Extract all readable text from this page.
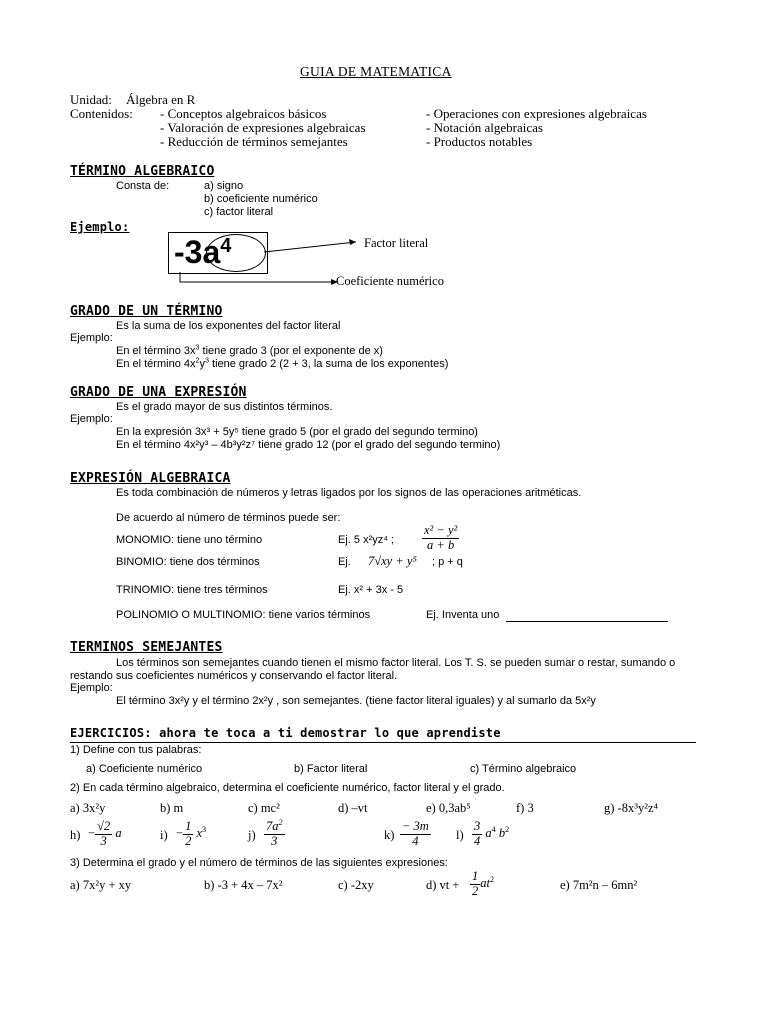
GUIA DE MATEMATICA
Unidad: Álgebra en R
Contenidos: - Conceptos algebraicos básicos
- Valoración de expresiones algebraicas
- Reducción de términos semejantes
- Operaciones con expresiones algebraicas
- Notación algebraicas
- Productos notables
TÉRMINO ALGEBRAICO
Consta de:	a) signo
b) coeficiente numérico
c) factor literal
Ejemplo:
$-3a^4$	Factor literal
Coeficiente numérico
GRADO DE UN TÉRMINO
Es la suma de los exponentes del factor literal
Ejemplo:
En el término $3x^3$ tiene grado 3 (por el exponente de x)
En el término $4x^2y^3$ tiene grado 2 (2 + 3, la suma de los exponentes)
GRADO DE UNA EXPRESIÓN
Es el grado mayor de sus distintos términos.
Ejemplo:
En la expresión 3x³ + 5y⁵ tiene grado 5 (por el grado del segundo termino)
En el término 4x²y³ – 4b³y²z⁷ tiene grado 12 (por el grado del segundo termino)
EXPRESIÓN ALGEBRAICA
Es toda combinación de números y letras ligados por los signos de las operaciones aritméticas.
De acuerdo al número de términos puede ser:
MONOMIO: tiene uno término	Ej. 5 x²yz⁴ ; $\frac{\text{x² − y²}}{a + b}$
BINOMIO: tiene dos términos	Ej. 7√xy + y⁵ ; p + q
TRINOMIO: tiene tres términos	Ej. x² + 3x - 5
POLINOMIO O MULTINOMIO: tiene varios términos	Ej. Inventa uno
TERMINOS SEMEJANTES
Los términos son semejantes cuando tienen el mismo factor literal. Los T. S. se pueden sumar o restar, sumando o
restando sus coeficientes numéricos y conservando el factor literal.
Ejemplo:
El término 3x²y y el término 2x²y , son semejantes. (tiene factor literal iguales) y al sumarlo da 5x²y
EJERCICIOS: ahora te toca a ti demostrar lo que aprendiste
1) Define con tus palabras:
a) Coeficiente numérico	b) Factor literal	c) Término algebraico
2) En cada término algebraico, determina el coeficiente numérico, factor literal y el grado.
a) 3x²y	b) m	c) mc²	d) –vt	e) 0,3ab⁵	f) 3	g) -8x³y²z⁴
$h) - \frac{√2}{3}$ a	$i) - \frac{1}{2} x^3$	$j) \frac{7a^2}{3}$	$k) \frac{- 3m}{4} l) \frac{3}{4} a^4$ $b^2$
3) Determina el grado y el número de términos de las siguientes expresiones:
a) 7x²y + xy	b) -3 + 4x – 7x²	c) -2xy	d) vt + $\frac{1}{2} at^2$	e) 7m²n – 6mn²
